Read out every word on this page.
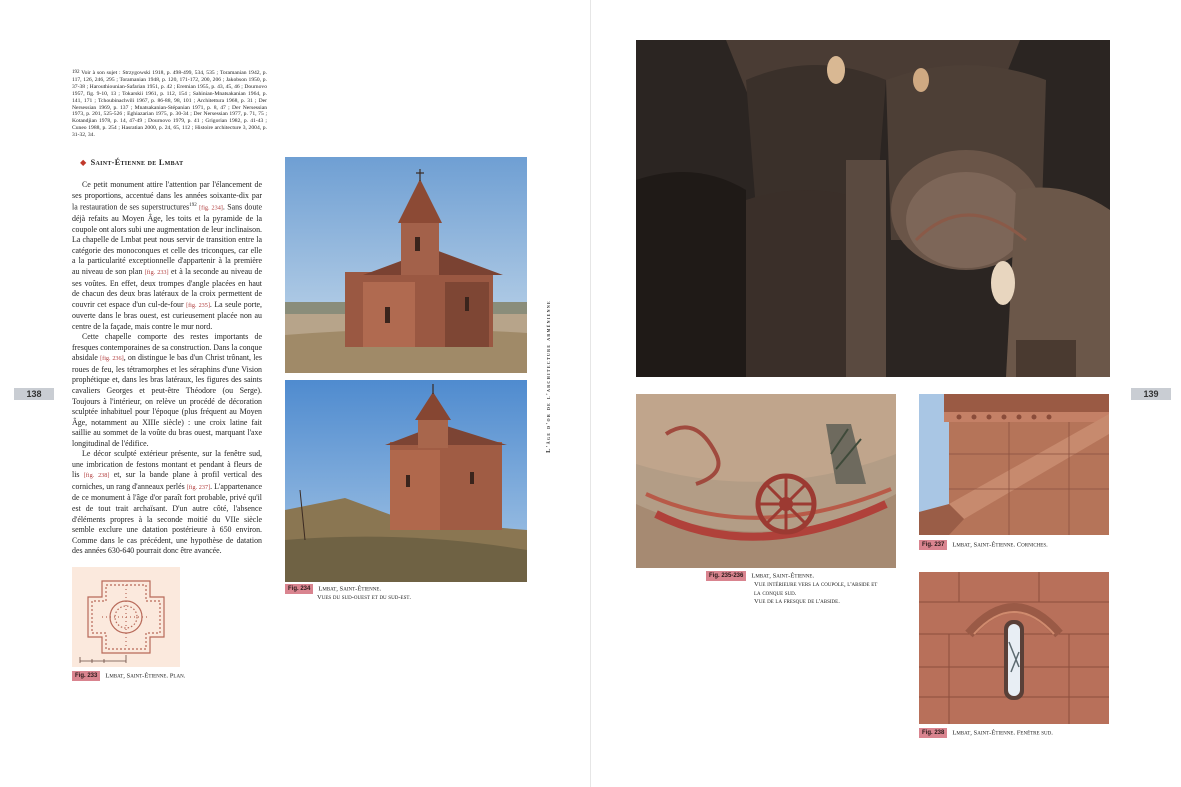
192 Voir à son sujet : Strzygowski 1918, p. 498-499, 534, 535 ; Toramanian 1942, p. 117, 126, 246, 295 ; Toramanian 1948, p. 120, 171-172, 200, 206 ; Jakobson 1950, p. 37-38 ; Harouthiounian-Safarian 1951, p. 42 ; Eremian 1955, p. 43, 45, 46 ; Dournovo 1957, fig. 9-10, 13 ; Tokarskii 1961, p. 112, 154 ; Sahinian-Mnatsakanian 1964, p. 141, 171 ; Tchoubinachvili 1967, p. 86-88, 98, 101 ; Architettura 1968, p. 31 ; Der Nersessian 1969, p. 137 ; Mnatsakanian-Stépanian 1971, p. 8, 47 ; Der Nersessian 1973, p. 201, 525-526 ; Eghiazarian 1975, p. 30-34 ; Der Nersessian 1977, p. 71, 75 ; Kotandjian 1978, p. 14, 47-49 ; Dournovo 1979, p. 41 ; Grigorian 1982, p. 41-43 ; Cuneo 1988, p. 254 ; Hasratian 2000, p. 24, 65, 112 ; Histoire architecture 3, 2004, p. 31-32, 34.
◆ Saint-Étienne de Lmbat

Ce petit monument attire l'attention par l'élancement de ses proportions, accentué dans les années soixante-dix par la restauration de ses superstructures$^{192}$ [fig. 234]. Sans doute déjà refaits au Moyen Âge, les toits et la pyramide de la coupole ont alors subi une augmentation de leur inclinaison. La chapelle de Lmbat peut nous servir de transition entre la catégorie des monoconques et celle des triconques, car elle a la particularité exceptionnelle d'appartenir à la première au niveau de son plan [fig. 233] et à la seconde au niveau de ses voûtes. En effet, deux trompes d'angle placées en haut de chacun des deux bras latéraux de la croix permettent de couvrir cet espace d'un cul-de-four [fig. 235]. La seule porte, ouverte dans le bras ouest, est curieusement placée non au centre de la façade, mais contre le mur nord.

Cette chapelle comporte des restes importants de fresques contemporaines de sa construction. Dans la conque absidale [fig. 236], on distingue le bas d'un Christ trônant, les roues de feu, les tétramorphes et les séraphins d'une Vision prophétique et, dans les bras latéraux, les figures des saints cavaliers Georges et peut-être Théodore (ou Serge). Toujours à l'intérieur, on relève un procédé de décoration sculptée inhabituel pour l'époque (plus fréquent au Moyen Âge, notamment au XIIIe siècle) : une croix latine fait saillie au sommet de la voûte du bras ouest, marquant l'axe longitudinal de l'édifice.

Le décor sculpté extérieur présente, sur la fenêtre sud, une imbrication de festons montant et pendant à fleurs de lis [fig. 238] et, sur la bande plane à profil vertical des corniches, un rang d'anneaux perlés [fig. 237]. L'appartenance de ce monument à l'âge d'or paraît fort probable, privé qu'il est de tout trait archaïsant. D'un autre côté, l'absence d'éléments propres à la seconde moitié du VIIe siècle semble exclure une datation postérieure à 650 environ. Comme dans le cas précédent, une hypothèse de datation des années 630-640 pourrait donc être avancée.

Fig. 233 Lmbat, Saint-Étienne. Plan.
Fig. 234 Lmbat, Saint-Étienne.
Vues du sud-ouest et du sud-est.
138	L'âge d'or de l'architecture arménienne	139
Fig. 235-236 Lmbat, Saint-Étienne.
Vue intérieure vers la coupole, l'abside et
la conque sud.
Vue de la fresque de l'abside.
Fig. 237 Lmbat, Saint-Étienne. Corniches.
Fig. 238 Lmbat, Saint-Étienne. Fenêtre sud.
